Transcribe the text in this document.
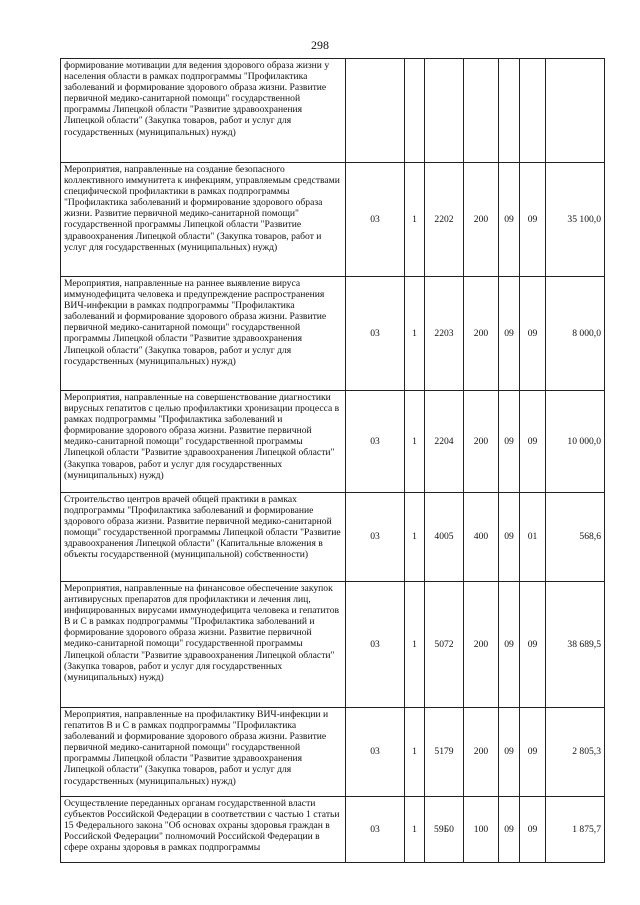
298
формирование мотивации для ведения здорового образа жизни у населения области в рамках подпрограммы "Профилактика заболеваний и формирование здорового образа жизни. Развитие первичной медико-санитарной помощи" государственной программы Липецкой области "Развитие здравоохранения Липецкой области" (Закупка товаров, работ и услуг для государственных (муниципальных) нужд)							
Мероприятия, направленные на создание безопасного коллективного иммунитета к инфекциям, управляемым средствами специфической профилактики в рамках подпрограммы "Профилактика заболеваний и формирование здорового образа жизни. Развитие первичной медико-санитарной помощи" государственной программы Липецкой области "Развитие здравоохранения Липецкой области" (Закупка товаров, работ и услуг для государственных (муниципальных) нужд)	03	1	2202	200	09	09	35 100,0
Мероприятия, направленные на раннее выявление вируса иммунодефицита человека и предупреждение распространения ВИЧ-инфекции в рамках подпрограммы "Профилактика заболеваний и формирование здорового образа жизни. Развитие первичной медико-санитарной помощи" государственной программы Липецкой области "Развитие здравоохранения Липецкой области" (Закупка товаров, работ и услуг для государственных (муниципальных) нужд)	03	1	2203	200	09	09	8 000,0
Мероприятия, направленные на совершенствование диагностики вирусных гепатитов с целью профилактики хронизации процесса в рамках подпрограммы "Профилактика заболеваний и формирование здорового образа жизни. Развитие первичной медико-санитарной помощи" государственной программы Липецкой области "Развитие здравоохранения Липецкой области" (Закупка товаров, работ и услуг для государственных (муниципальных) нужд)	03	1	2204	200	09	09	10 000,0
Строительство центров врачей общей практики в рамках подпрограммы "Профилактика заболеваний и формирование здорового образа жизни. Развитие первичной медико-санитарной помощи" государственной программы Липецкой области "Развитие здравоохранения Липецкой области" (Капитальные вложения в объекты государственной (муниципальной) собственности)	03	1	4005	400	09	01	568,6
Мероприятия, направленные на финансовое обеспечение закупок антивирусных препаратов для профилактики и лечения лиц, инфицированных вирусами иммунодефицита человека и гепатитов B и C в рамках подпрограммы "Профилактика заболеваний и формирование здорового образа жизни. Развитие первичной медико-санитарной помощи" государственной программы Липецкой области "Развитие здравоохранения Липецкой области" (Закупка товаров, работ и услуг для государственных (муниципальных) нужд)	03	1	5072	200	09	09	38 689,5
Мероприятия, направленные на профилактику ВИЧ-инфекции и гепатитов B и C в рамках подпрограммы "Профилактика заболеваний и формирование здорового образа жизни. Развитие первичной медико-санитарной помощи" государственной программы Липецкой области "Развитие здравоохранения Липецкой области" (Закупка товаров, работ и услуг для государственных (муниципальных) нужд)	03	1	5179	200	09	09	2 805,3
Осуществление переданных органам государственной власти субъектов Российской Федерации в соответствии с частью 1 статьи 15 Федерального закона "Об основах охраны здоровья граждан в Российской Федерации" полномочий Российской Федерации в сфере охраны здоровья в рамках подпрограммы	03	1	59Б0	100	09	09	1 875,7
